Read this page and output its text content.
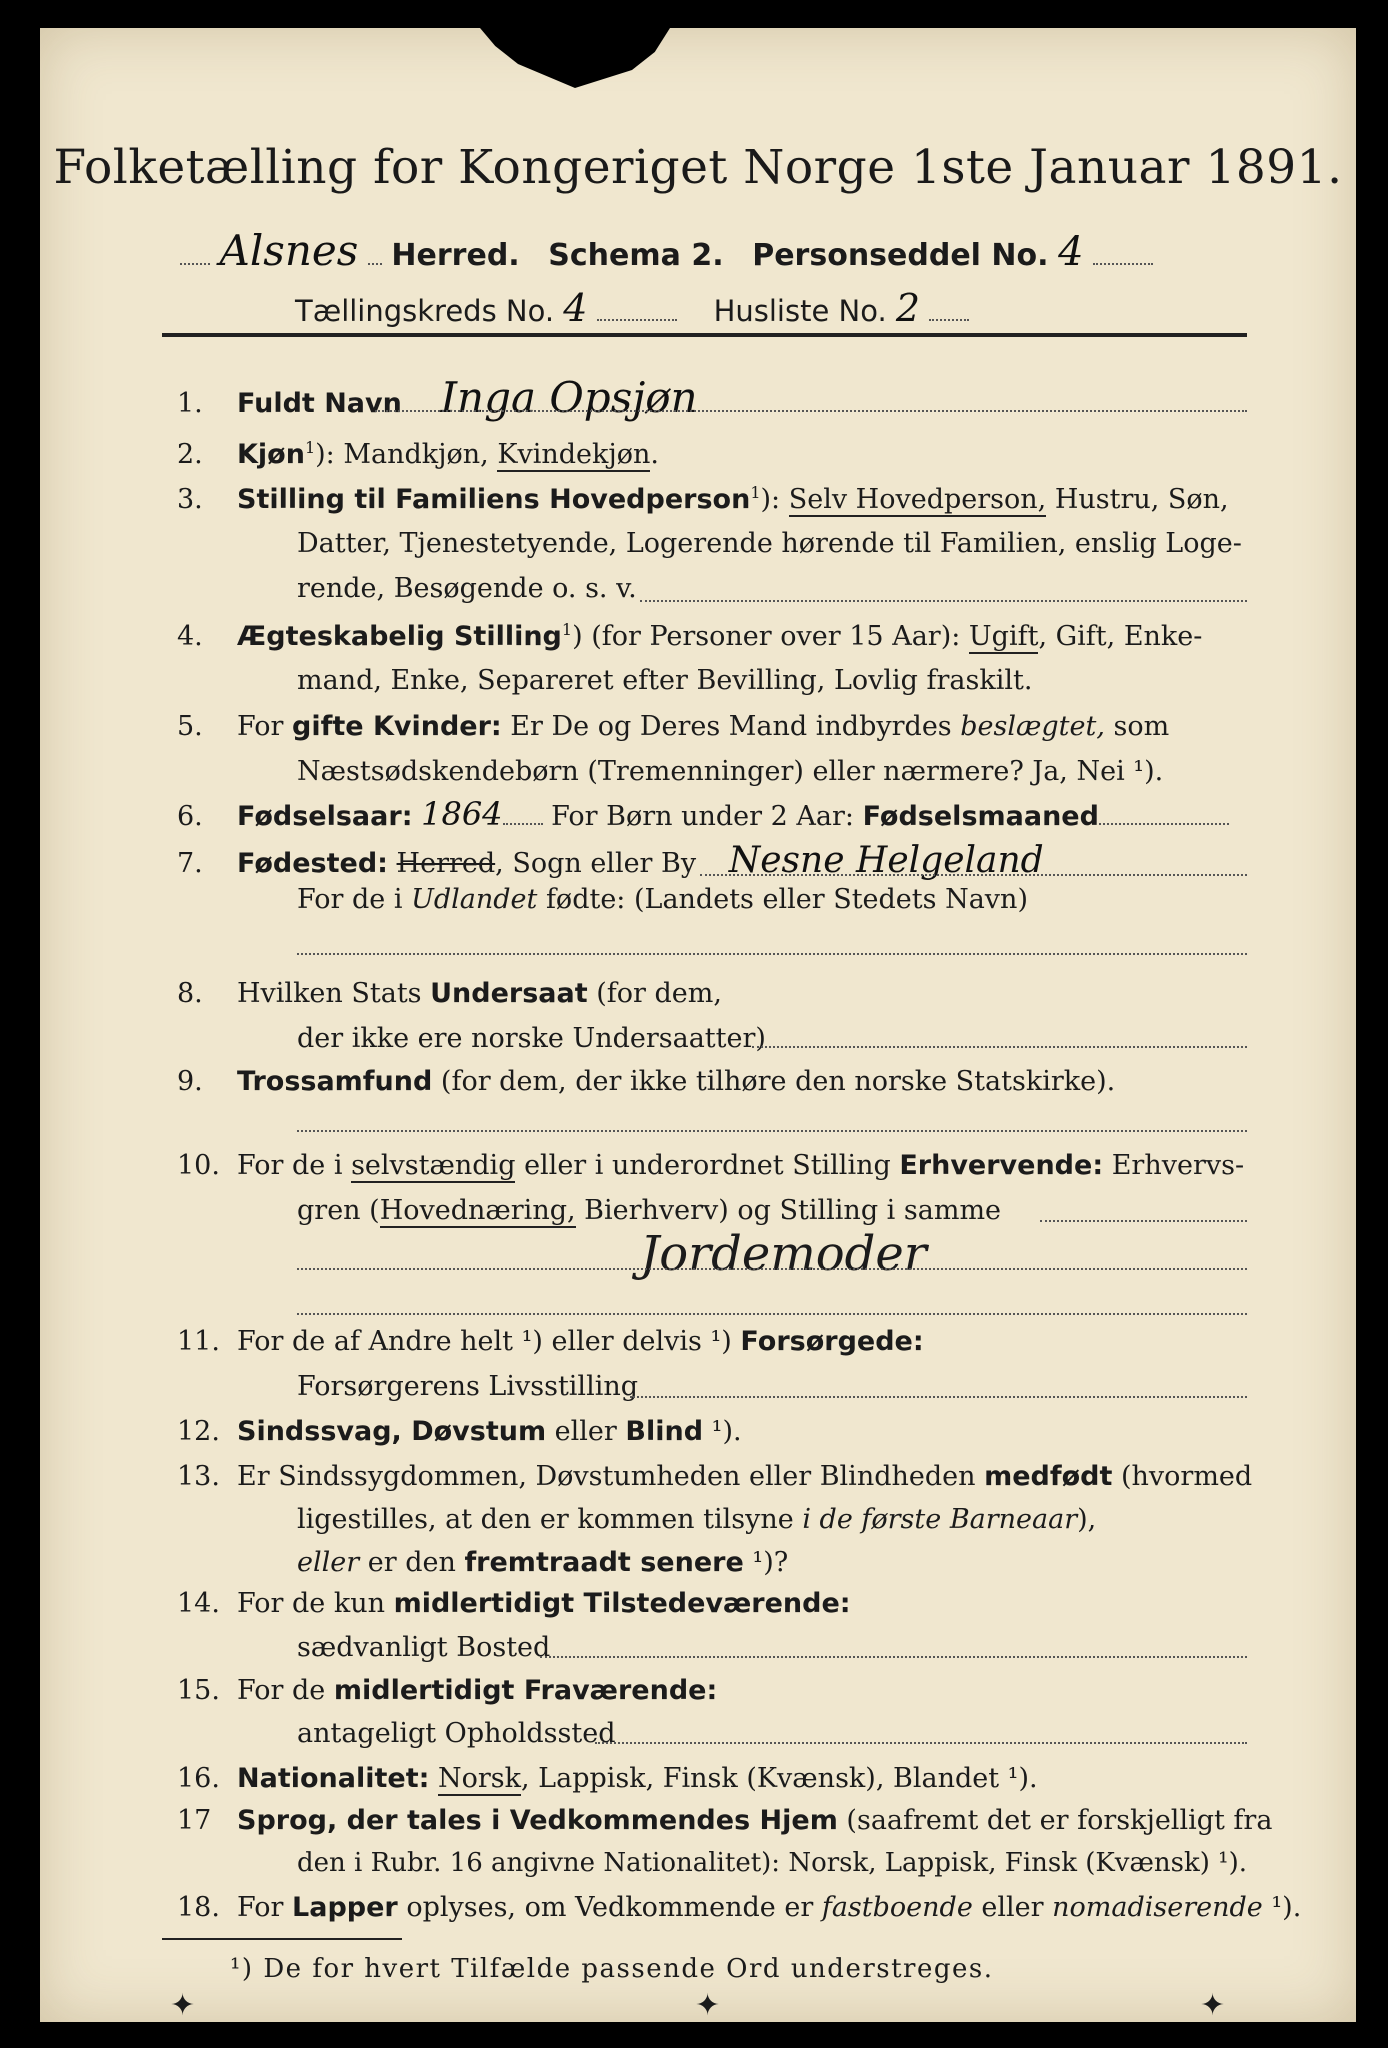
Folketælling for Kongeriget Norge 1ste Januar 1891.
Alsnes Herred. Schema 2. Personseddel No. 4
Tællingskreds No. 4	Husliste No. 2
1. Fuldt Navn Inga Opsjøn
2. Kjøn$^1$): Mandkjøn, Kvindekjøn.
3. Stilling til Familiens Hovedperson$^1$): Selv Hovedperson, Hustru, Søn,
Datter, Tjenestetyende, Logerende hørende til Familien, enslig Loge-
rende, Besøgende o. s. v.
4. Ægteskabelig Stilling$^1$) (for Personer over 15 Aar): Ugift, Gift, Enke-
mand, Enke, Separeret efter Bevilling, Lovlig fraskilt.
5. For gifte Kvinder: Er De og Deres Mand indbyrdes beslægtet, som
Næstsødskendebørn (Tremenninger) eller nærmere? Ja, Nei ¹).
6. Fødselsaar: 1864 For Børn under 2 Aar: Fødselsmaaned
7. Fødested: Herred, Sogn eller By Nesne Helgeland
For de i Udlandet fødte: (Landets eller Stedets Navn)
8. Hvilken Stats Undersaat (for dem,
der ikke ere norske Undersaatter)
9. Trossamfund (for dem, der ikke tilhøre den norske Statskirke).
10. For de i selvstændig eller i underordnet Stilling Erhvervende: Erhvervs-
gren (Hovednæring, Bierhverv) og Stilling i samme
Jordemoder
11. For de af Andre helt ¹) eller delvis ¹) Forsørgede:
Forsørgerens Livsstilling
12. Sindssvag, Døvstum eller Blind ¹).
13. Er Sindssygdommen, Døvstumheden eller Blindheden medfødt (hvormed
ligestilles, at den er kommen tilsyne i de første Barneaar),
eller er den fremtraadt senere ¹)?
14. For de kun midlertidigt Tilstedeværende:
sædvanligt Bosted
15. For de midlertidigt Fraværende:
antageligt Opholdssted
16. Nationalitet: Norsk, Lappisk, Finsk (Kvænsk), Blandet ¹).
17 Sprog, der tales i Vedkommendes Hjem (saafremt det er forskjelligt fra
den i Rubr. 16 angivne Nationalitet): Norsk, Lappisk, Finsk (Kvænsk) ¹).
18. For Lapper oplyses, om Vedkommende er fastboende eller nomadiserende ¹).
¹) De for hvert Tilfælde passende Ord understreges.
✦	✦	✦
